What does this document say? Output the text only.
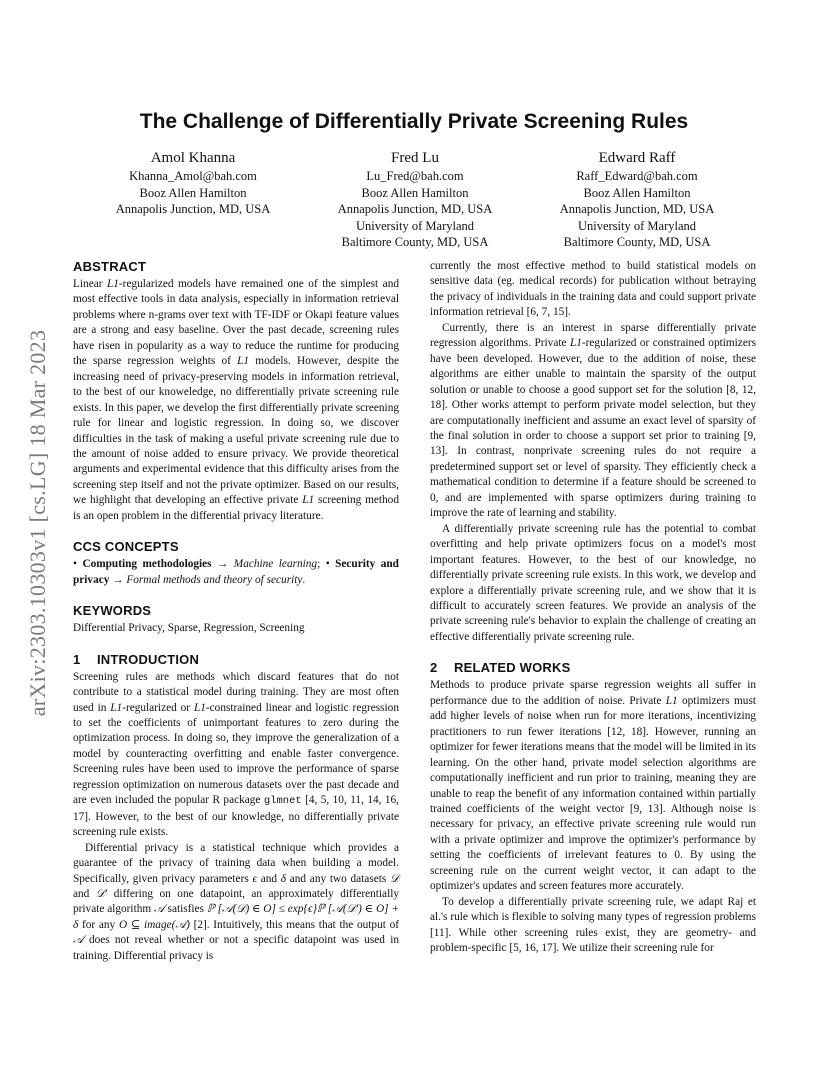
arXiv:2303.10303v1 [cs.LG] 18 Mar 2023
The Challenge of Differentially Private Screening Rules
Amol Khanna
Khanna_Amol@bah.com
Booz Allen Hamilton
Annapolis Junction, MD, USA
Fred Lu
Lu_Fred@bah.com
Booz Allen Hamilton
Annapolis Junction, MD, USA
University of Maryland
Baltimore County, MD, USA
Edward Raff
Raff_Edward@bah.com
Booz Allen Hamilton
Annapolis Junction, MD, USA
University of Maryland
Baltimore County, MD, USA
ABSTRACT

Linear L1-regularized models have remained one of the simplest and most effective tools in data analysis, especially in information retrieval problems where n-grams over text with TF-IDF or Okapi feature values are a strong and easy baseline. Over the past decade, screening rules have risen in popularity as a way to reduce the runtime for producing the sparse regression weights of L1 models. However, despite the increasing need of privacy-preserving models in information retrieval, to the best of our knoweledge, no differentially private screening rule exists. In this paper, we develop the first differentially private screening rule for linear and logistic regression. In doing so, we discover difficulties in the task of making a useful private screening rule due to the amount of noise added to ensure privacy. We provide theoretical arguments and experimental evidence that this difficulty arises from the screening step itself and not the private optimizer. Based on our results, we highlight that developing an effective private L1 screening method is an open problem in the differential privacy literature.

CCS CONCEPTS

• Computing methodologies → Machine learning; • Security and privacy → Formal methods and theory of security.

KEYWORDS

Differential Privacy, Sparse, Regression, Screening

1 INTRODUCTION

Screening rules are methods which discard features that do not contribute to a statistical model during training. They are most often used in L1-regularized or L1-constrained linear and logistic regression to set the coefficients of unimportant features to zero during the optimization process. In doing so, they improve the generalization of a model by counteracting overfitting and enable faster convergence. Screening rules have been used to improve the performance of sparse regression optimization on numerous datasets over the past decade and are even included the popular R package glmnet [4, 5, 10, 11, 14, 16, 17]. However, to the best of our knowledge, no differentially private screening rule exists.

Differential privacy is a statistical technique which provides a guarantee of the privacy of training data when building a model. Specifically, given privacy parameters ϵ and δ and any two datasets 𝒟 and 𝒟′ differing on one datapoint, an approximately differentially private algorithm 𝒜 satisfies ℙ [𝒜(𝒟) ∈ O] ≤ exp{ϵ}ℙ [𝒜(𝒟′) ∈ O] + δ for any O ⊆ image(𝒜) [2]. Intuitively, this means that the output of 𝒜 does not reveal whether or not a specific datapoint was used in training. Differential privacy is

currently the most effective method to build statistical models on sensitive data (eg. medical records) for publication without betraying the privacy of individuals in the training data and could support private information retrieval [6, 7, 15].

Currently, there is an interest in sparse differentially private regression algorithms. Private L1-regularized or constrained optimizers have been developed. However, due to the addition of noise, these algorithms are either unable to maintain the sparsity of the output solution or unable to choose a good support set for the solution [8, 12, 18]. Other works attempt to perform private model selection, but they are computationally inefficient and assume an exact level of sparsity of the final solution in order to choose a support set prior to training [9, 13]. In contrast, nonprivate screening rules do not require a predetermined support set or level of sparsity. They efficiently check a mathematical condition to determine if a feature should be screened to 0, and are implemented with sparse optimizers during training to improve the rate of learning and stability.

A differentially private screening rule has the potential to combat overfitting and help private optimizers focus on a model's most important features. However, to the best of our knowledge, no differentially private screening rule exists. In this work, we develop and explore a differentially private screening rule, and we show that it is difficult to accurately screen features. We provide an analysis of the private screening rule's behavior to explain the challenge of creating an effective differentially private screening rule.

2 RELATED WORKS

Methods to produce private sparse regression weights all suffer in performance due to the addition of noise. Private L1 optimizers must add higher levels of noise when run for more iterations, incentivizing practitioners to run fewer iterations [12, 18]. However, running an optimizer for fewer iterations means that the model will be limited in its learning. On the other hand, private model selection algorithms are computationally inefficient and run prior to training, meaning they are unable to reap the benefit of any information contained within partially trained coefficients of the weight vector [9, 13]. Although noise is necessary for privacy, an effective private screening rule would run with a private optimizer and improve the optimizer's performance by setting the coefficients of irrelevant features to 0. By using the screening rule on the current weight vector, it can adapt to the optimizer's updates and screen features more accurately.

To develop a differentially private screening rule, we adapt Raj et al.'s rule which is flexible to solving many types of regression problems [11]. While other screening rules exist, they are geometry- and problem-specific [5, 16, 17]. We utilize their screening rule for
